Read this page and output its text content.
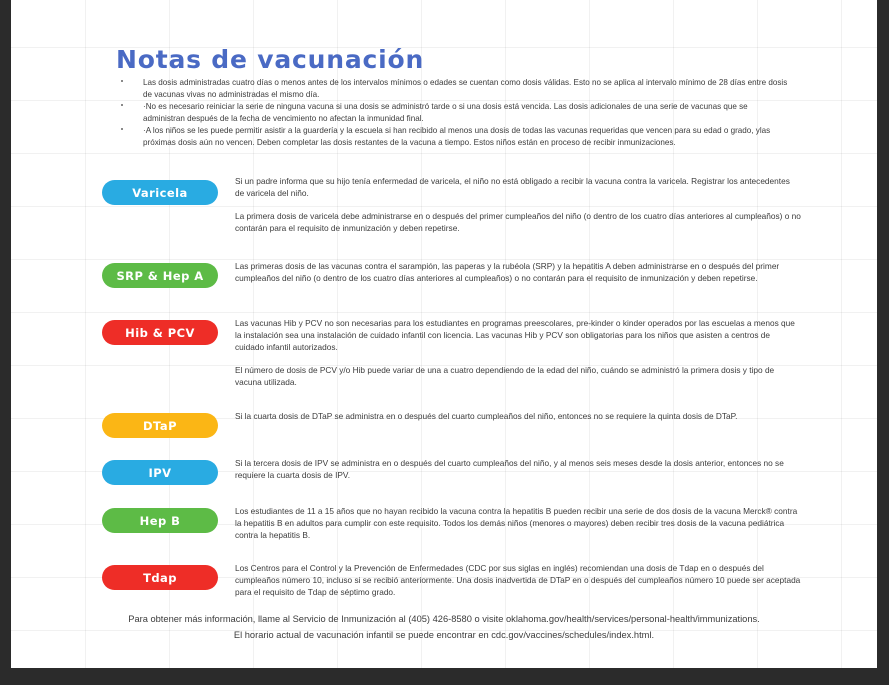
Notas de vacunación
Las dosis administradas cuatro días o menos antes de los intervalos mínimos o edades se cuentan como dosis válidas. Esto no se aplica al intervalo mínimo de 28 días entre dosis de vacunas vivas no administradas el mismo día.
·No es necesario reiniciar la serie de ninguna vacuna si una dosis se administró tarde o si una dosis está vencida. Las dosis adicionales de una serie de vacunas que se administran después de la fecha de vencimiento no afectan la inmunidad final.
·A los niños se les puede permitir asistir a la guardería y la escuela si han recibido al menos una dosis de todas las vacunas requeridas que vencen para su edad o grado, ylas próximas dosis aún no vencen. Deben completar las dosis restantes de la vacuna a tiempo. Estos niños están en proceso de recibir inmunizaciones.
Varicela

Si un padre informa que su hijo tenía enfermedad de varicela, el niño no está obligado a recibir la vacuna contra la varicela. Registrar los antecedentes de varicela del niño.

La primera dosis de varicela debe administrarse en o después del primer cumpleaños del niño (o dentro de los cuatro días anteriores al cumpleaños) o no contarán para el requisito de inmunización y deben repetirse.

SRP & Hep A

Las primeras dosis de las vacunas contra el sarampión, las paperas y la rubéola (SRP) y la hepatitis A deben administrarse en o después del primer cumpleaños del niño (o dentro de los cuatro días anteriores al cumpleaños) o no contarán para el requisito de inmunización y deben repetirse.

Hib & PCV

Las vacunas Hib y PCV no son necesarias para los estudiantes en programas preescolares, pre-kinder o kinder operados por las escuelas a menos que la instalación sea una instalación de cuidado infantil con licencia. Las vacunas Hib y PCV son obligatorias para los niños que asisten a centros de cuidado infantil autorizados.

El número de dosis de PCV y/o Hib puede variar de una a cuatro dependiendo de la edad del niño, cuándo se administró la primera dosis y tipo de vacuna utilizada.

DTaP

Si la cuarta dosis de DTaP se administra en o después del cuarto cumpleaños del niño, entonces no se requiere la quinta dosis de DTaP.

IPV

Si la tercera dosis de IPV se administra en o después del cuarto cumpleaños del niño, y al menos seis meses desde la dosis anterior, entonces no se requiere la cuarta dosis de IPV.

Hep B

Los estudiantes de 11 a 15 años que no hayan recibido la vacuna contra la hepatitis B pueden recibir una serie de dos dosis de la vacuna Merck® contra la hepatitis B en adultos para cumplir con este requisito. Todos los demás niños (menores o mayores) deben recibir tres dosis de la vacuna pediátrica contra la hepatitis B.

Tdap

Los Centros para el Control y la Prevención de Enfermedades (CDC por sus siglas en inglés) recomiendan una dosis de Tdap en o después del cumpleaños número 10, incluso si se recibió anteriormente. Una dosis inadvertida de DTaP en o después del cumpleaños número 10 puede ser aceptada para el requisito de Tdap de séptimo grado.

Para obtener más información, llame al Servicio de Inmunización al (405) 426-8580 o visite oklahoma.gov/health/services/personal-health/immunizations.
El horario actual de vacunación infantil se puede encontrar en cdc.gov/vaccines/schedules/index.html.
